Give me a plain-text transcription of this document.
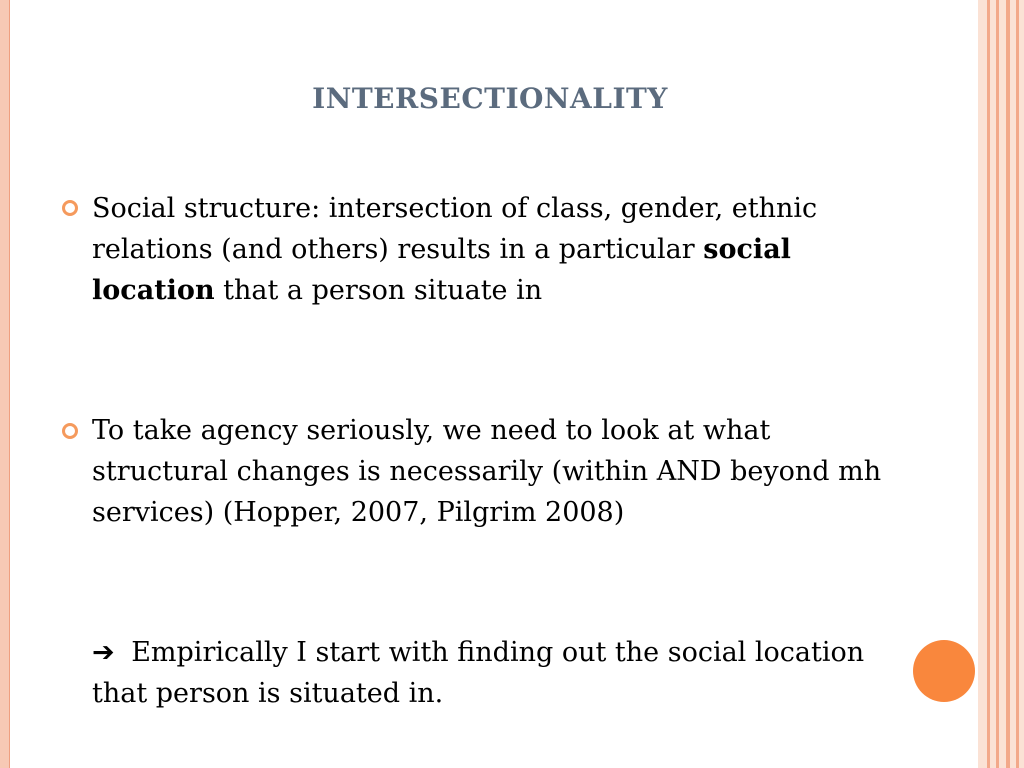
INTERSECTIONALITY

Social structure: intersection of class, gender, ethnic relations (and others) results in a particular social location that a person situate in

To take agency seriously, we need to look at what structural changes is necessarily (within AND beyond mh services) (Hopper, 2007, Pilgrim 2008)

➔ Empirically I start with finding out the social location that person is situated in.
